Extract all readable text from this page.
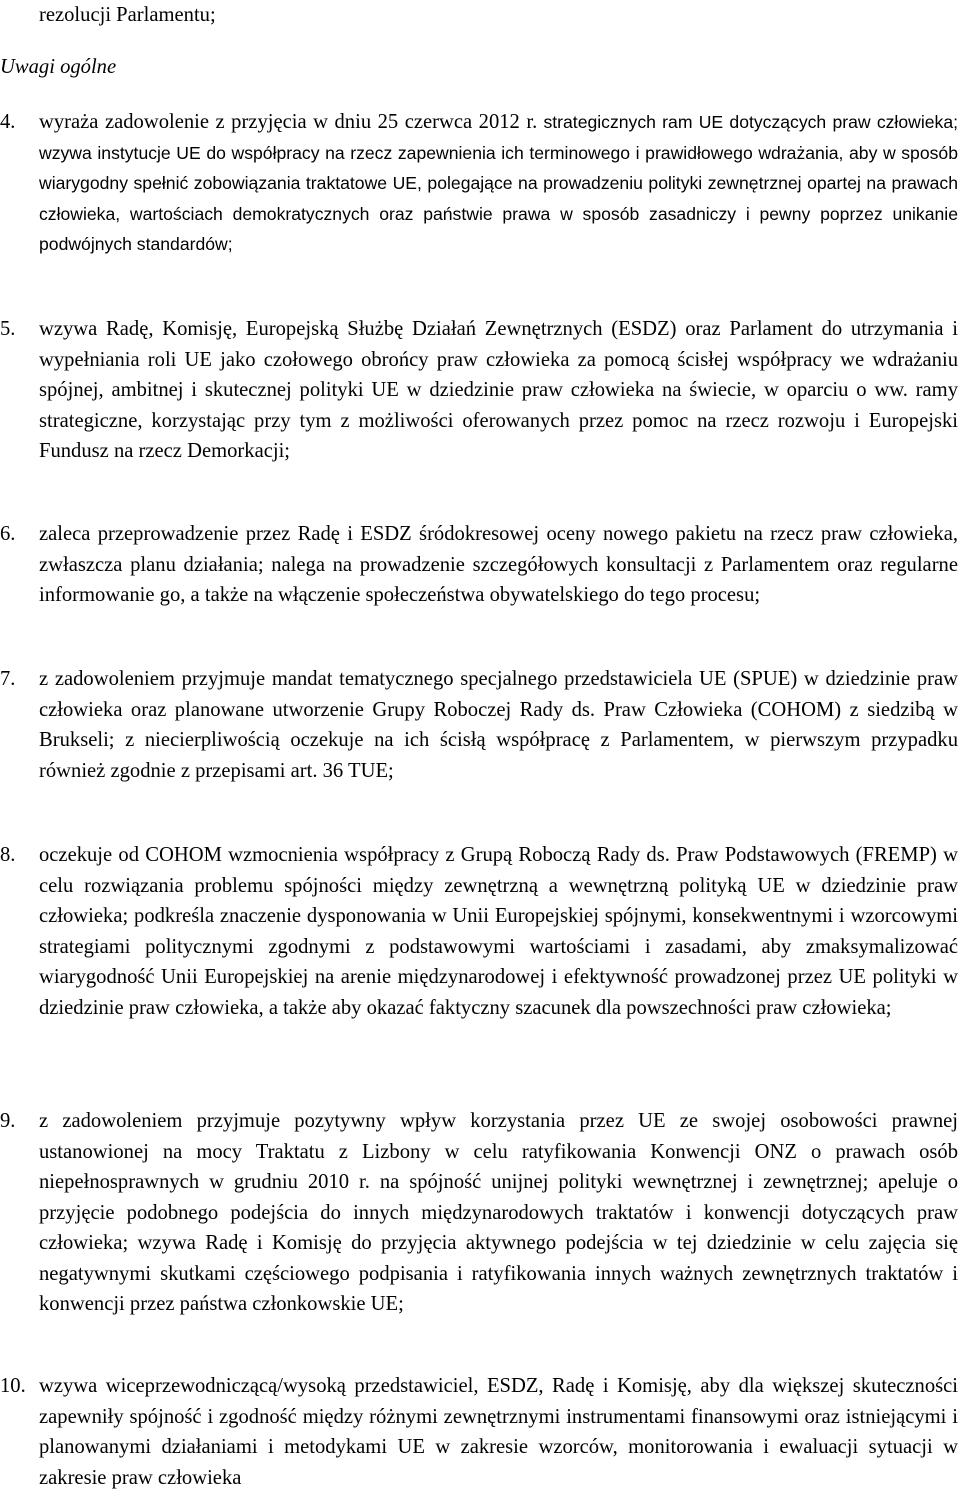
rezolucji Parlamentu;

Uwagi ogólne

4. wyraża zadowolenie z przyjęcia w dniu 25 czerwca 2012 r. strategicznych ram UE dotyczących praw człowieka; wzywa instytucje UE do współpracy na rzecz zapewnienia ich terminowego i prawidłowego wdrażania, aby w sposób wiarygodny spełnić zobowiązania traktatowe UE, polegające na prowadzeniu polityki zewnętrznej opartej na prawach człowieka, wartościach demokratycznych oraz państwie prawa w sposób zasadniczy i pewny poprzez unikanie podwójnych standardów;
5. wzywa Radę, Komisję, Europejską Służbę Działań Zewnętrznych (ESDZ) oraz Parlament do utrzymania i wypełniania roli UE jako czołowego obrońcy praw człowieka za pomocą ścisłej współpracy we wdrażaniu spójnej, ambitnej i skutecznej polityki UE w dziedzinie praw człowieka na świecie, w oparciu o ww. ramy strategiczne, korzystając przy tym z możliwości oferowanych przez pomoc na rzecz rozwoju i Europejski Fundusz na rzecz Demorkacji;
6. zaleca przeprowadzenie przez Radę i ESDZ śródokresowej oceny nowego pakietu na rzecz praw człowieka, zwłaszcza planu działania; nalega na prowadzenie szczegółowych konsultacji z Parlamentem oraz regularne informowanie go, a także na włączenie społeczeństwa obywatelskiego do tego procesu;
7. z zadowoleniem przyjmuje mandat tematycznego specjalnego przedstawiciela UE (SPUE) w dziedzinie praw człowieka oraz planowane utworzenie Grupy Roboczej Rady ds. Praw Człowieka (COHOM) z siedzibą w Brukseli; z niecierpliwością oczekuje na ich ścisłą współpracę z Parlamentem, w pierwszym przypadku również zgodnie z przepisami art. 36 TUE;
8. oczekuje od COHOM wzmocnienia współpracy z Grupą Roboczą Rady ds. Praw Podstawowych (FREMP) w celu rozwiązania problemu spójności między zewnętrzną a wewnętrzną polityką UE w dziedzinie praw człowieka; podkreśla znaczenie dysponowania w Unii Europejskiej spójnymi, konsekwentnymi i wzorcowymi strategiami politycznymi zgodnymi z podstawowymi wartościami i zasadami, aby zmaksymalizować wiarygodność Unii Europejskiej na arenie międzynarodowej i efektywność prowadzonej przez UE polityki w dziedzinie praw człowieka, a także aby okazać faktyczny szacunek dla powszechności praw człowieka;
9. z zadowoleniem przyjmuje pozytywny wpływ korzystania przez UE ze swojej osobowości prawnej ustanowionej na mocy Traktatu z Lizbony w celu ratyfikowania Konwencji ONZ o prawach osób niepełnosprawnych w grudniu 2010 r. na spójność unijnej polityki wewnętrznej i zewnętrznej; apeluje o przyjęcie podobnego podejścia do innych międzynarodowych traktatów i konwencji dotyczących praw człowieka; wzywa Radę i Komisję do przyjęcia aktywnego podejścia w tej dziedzinie w celu zajęcia się negatywnymi skutkami częściowego podpisania i ratyfikowania innych ważnych zewnętrznych traktatów i konwencji przez państwa członkowskie UE;
10. wzywa wiceprzewodniczącą/wysoką przedstawiciel, ESDZ, Radę i Komisję, aby dla większej skuteczności zapewniły spójność i zgodność między różnymi zewnętrznymi instrumentami finansowymi oraz istniejącymi i planowanymi działaniami i metodykami UE w zakresie wzorców, monitorowania i ewaluacji sytuacji w zakresie praw człowieka
